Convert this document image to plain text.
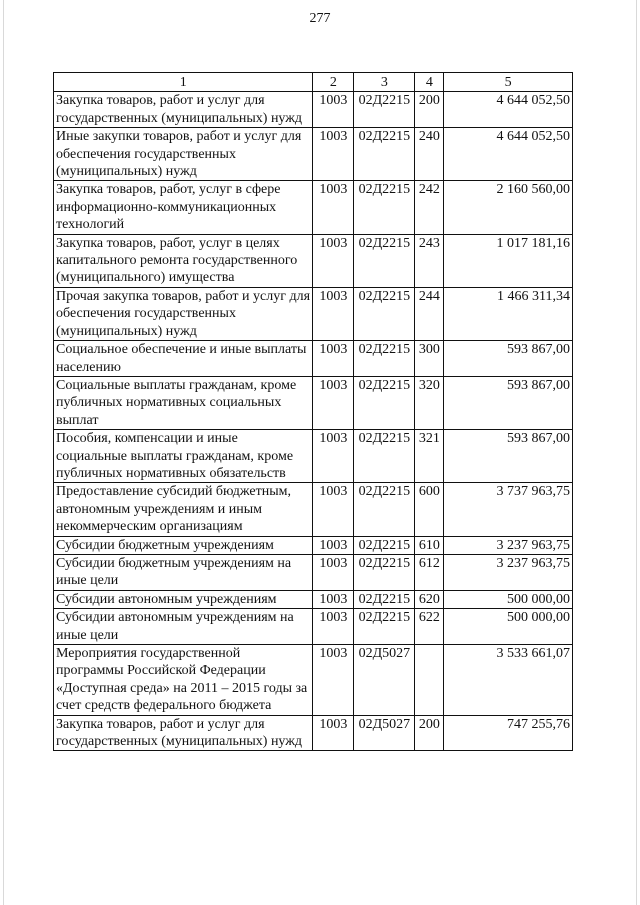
277
1	2	3	4	5
Закупка товаров, работ и услуг для государственных (муниципальных) нужд	1003	02Д2215	200	4 644 052,50
Иные закупки товаров, работ и услуг для обеспечения государственных (муниципальных) нужд	1003	02Д2215	240	4 644 052,50
Закупка товаров, работ, услуг в сфере информационно-коммуникационных технологий	1003	02Д2215	242	2 160 560,00
Закупка товаров, работ, услуг в целях капитального ремонта государственного (муниципального) имущества	1003	02Д2215	243	1 017 181,16
Прочая закупка товаров, работ и услуг для обеспечения государственных (муниципальных) нужд	1003	02Д2215	244	1 466 311,34
Социальное обеспечение и иные выплаты населению	1003	02Д2215	300	593 867,00
Социальные выплаты гражданам, кроме публичных нормативных социальных выплат	1003	02Д2215	320	593 867,00
Пособия, компенсации и иные социальные выплаты гражданам, кроме публичных нормативных обязательств	1003	02Д2215	321	593 867,00
Предоставление субсидий бюджетным, автономным учреждениям и иным некоммерческим организациям	1003	02Д2215	600	3 737 963,75
Субсидии бюджетным учреждениям	1003	02Д2215	610	3 237 963,75
Субсидии бюджетным учреждениям на иные цели	1003	02Д2215	612	3 237 963,75
Субсидии автономным учреждениям	1003	02Д2215	620	500 000,00
Субсидии автономным учреждениям на иные цели	1003	02Д2215	622	500 000,00
Мероприятия государственной программы Российской Федерации «Доступная среда» на 2011 – 2015 годы за счет средств федерального бюджета	1003	02Д5027		3 533 661,07
Закупка товаров, работ и услуг для государственных (муниципальных) нужд	1003	02Д5027	200	747 255,76
